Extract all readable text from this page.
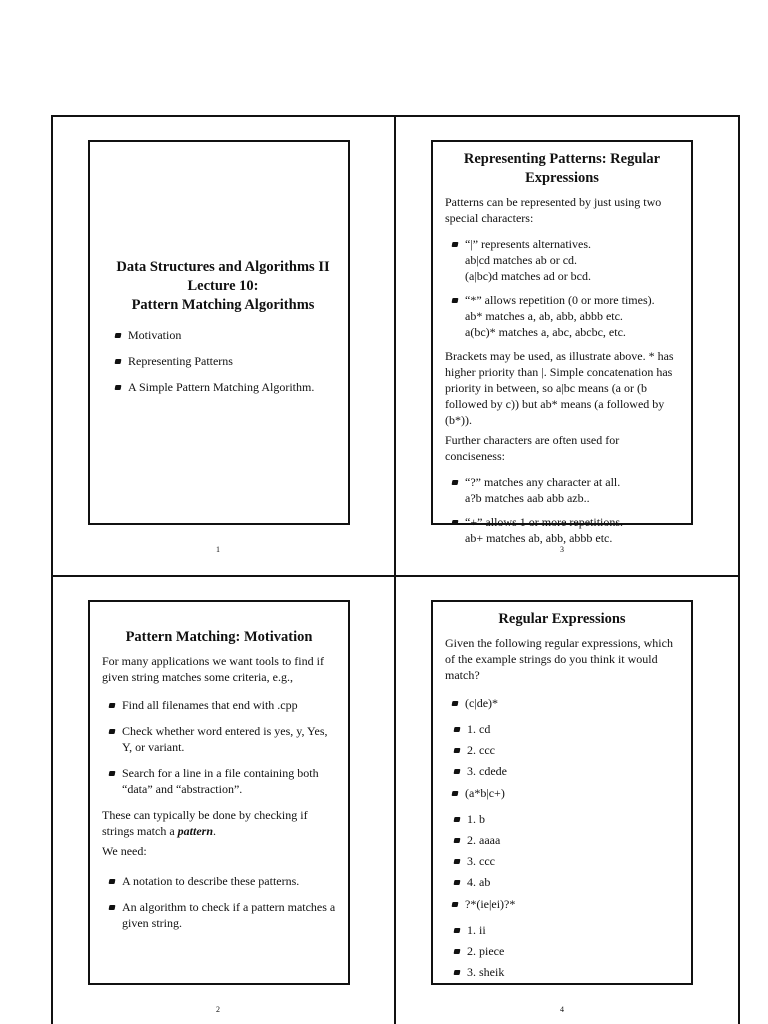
Data Structures and Algorithms II
Lecture 10:
Pattern Matching Algorithms
Motivation
Representing Patterns
A Simple Pattern Matching Algorithm.
1
Representing Patterns: Regular Expressions

Patterns can be represented by just using two special characters:

“|” represents alternatives.
ab|cd matches ab or cd.
(a|bc)d matches ad or bcd.
“*” allows repetition (0 or more times).
ab* matches a, ab, abb, abbb etc.
a(bc)* matches a, abc, abcbc, etc.

Brackets may be used, as illustrate above. * has higher priority than |. Simple concatenation has priority in between, so a|bc means (a or (b followed by c)) but ab* means (a followed by (b*)).

Further characters are often used for conciseness:

“?” matches any character at all.
a?b matches aab abb azb..
“+” allows 1 or more repetitions.
ab+ matches ab, abb, abbb etc.
3
Pattern Matching: Motivation

For many applications we want tools to find if given string matches some criteria, e.g.,

Find all filenames that end with .cpp
Check whether word entered is yes, y, Yes, Y, or variant.
Search for a line in a file containing both “data” and “abstraction”.

These can typically be done by checking if strings match a pattern.

We need:

A notation to describe these patterns.
An algorithm to check if a pattern matches a given string.
2
Regular Expressions

Given the following regular expressions, which of the example strings do you think it would match?

(c|de)*
1. cd
2. ccc
3. cdede
(a*b|c+)
1. b
2. aaaa
3. ccc
4. ab
?*(ie|ei)?*
1. ii
2. piece
3. sheik
4
